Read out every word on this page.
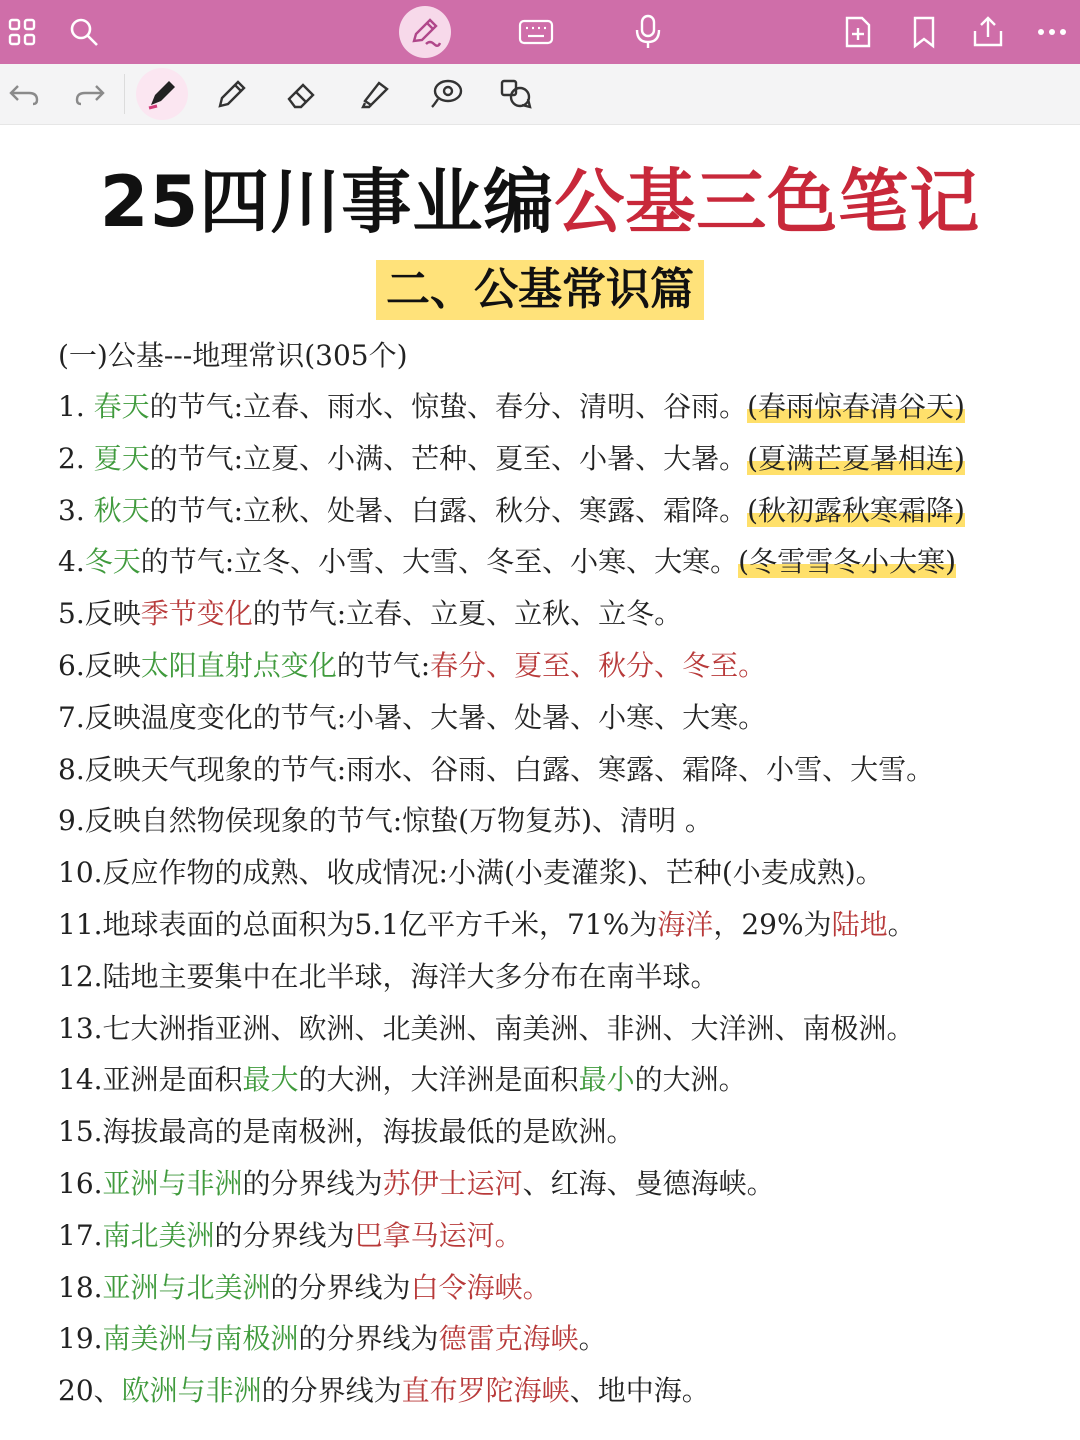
25四川事业编公基三色笔记
二、公基常识篇
(一)公基---地理常识(305个)
1. 春天的节气:立春、雨水、惊蛰、春分、清明、谷雨。(春雨惊春清谷天)
2. 夏天的节气:立夏、小满、芒种、夏至、小暑、大暑。(夏满芒夏暑相连)
3. 秋天的节气:立秋、处暑、白露、秋分、寒露、霜降。(秋初露秋寒霜降)
4.冬天的节气:立冬、小雪、大雪、冬至、小寒、大寒。(冬雪雪冬小大寒)
5.反映季节变化的节气:立春、立夏、立秋、立冬。
6.反映太阳直射点变化的节气:春分、夏至、秋分、冬至。
7.反映温度变化的节气:小暑、大暑、处暑、小寒、大寒。
8.反映天气现象的节气:雨水、谷雨、白露、寒露、霜降、小雪、大雪。
9.反映自然物侯现象的节气:惊蛰(万物复苏)、清明 。
10.反应作物的成熟、收成情况:小满(小麦灌浆)、芒种(小麦成熟)。
11.地球表面的总面积为5.1亿平方千米，71%为海洋，29%为陆地。
12.陆地主要集中在北半球，海洋大多分布在南半球。
13.七大洲指亚洲、欧洲、北美洲、南美洲、非洲、大洋洲、南极洲。
14.亚洲是面积最大的大洲，大洋洲是面积最小的大洲。
15.海拔最高的是南极洲，海拔最低的是欧洲。
16.亚洲与非洲的分界线为苏伊士运河、红海、曼德海峡。
17.南北美洲的分界线为巴拿马运河。
18.亚洲与北美洲的分界线为白令海峡。
19.南美洲与南极洲的分界线为德雷克海峡。
20、欧洲与非洲的分界线为直布罗陀海峡、地中海。
